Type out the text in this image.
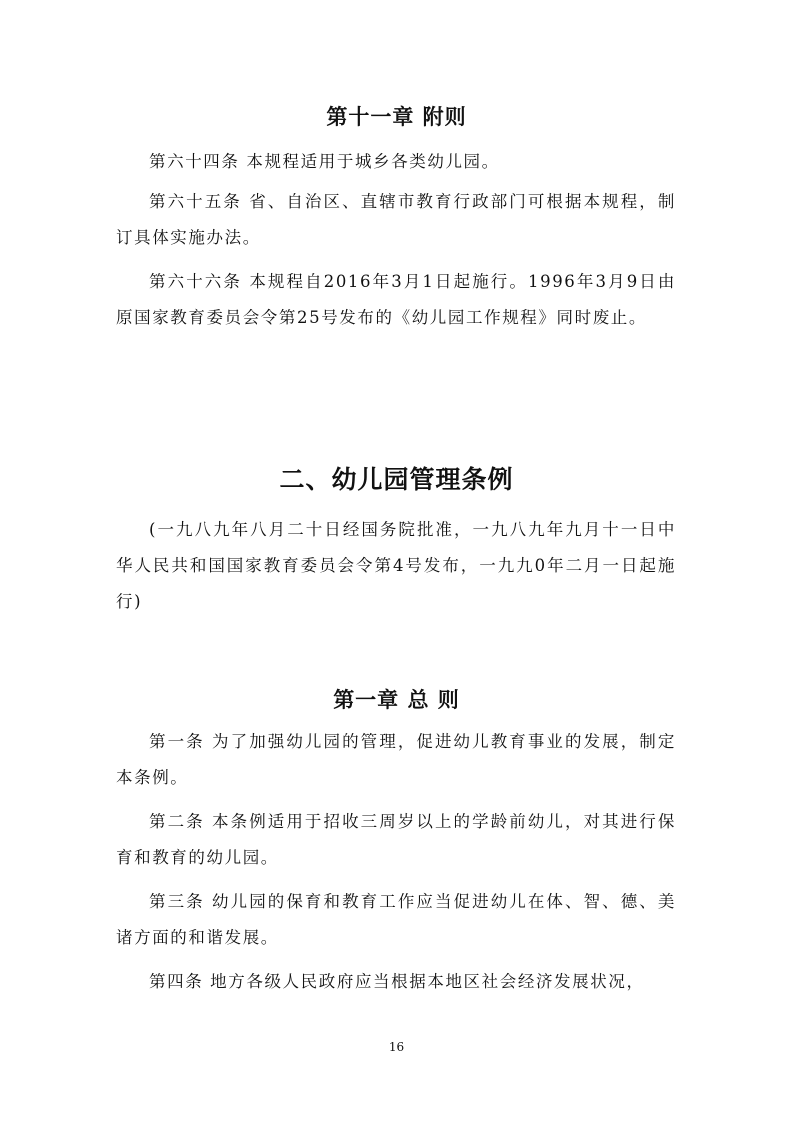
第十一章 附则

第六十四条 本规程适用于城乡各类幼儿园。

第六十五条 省、自治区、直辖市教育行政部门可根据本规程，制订具体实施办法。

第六十六条 本规程自2016年3月1日起施行。1996年3月9日由原国家教育委员会令第25号发布的《幼儿园工作规程》同时废止。

二、幼儿园管理条例

(一九八九年八月二十日经国务院批准，一九八九年九月十一日中华人民共和国国家教育委员会令第4号发布，一九九0年二月一日起施行)

第一章 总 则

第一条 为了加强幼儿园的管理，促进幼儿教育事业的发展，制定本条例。

第二条 本条例适用于招收三周岁以上的学龄前幼儿，对其进行保育和教育的幼儿园。

第三条 幼儿园的保育和教育工作应当促进幼儿在体、智、德、美诸方面的和谐发展。

第四条 地方各级人民政府应当根据本地区社会经济发展状况，

16
